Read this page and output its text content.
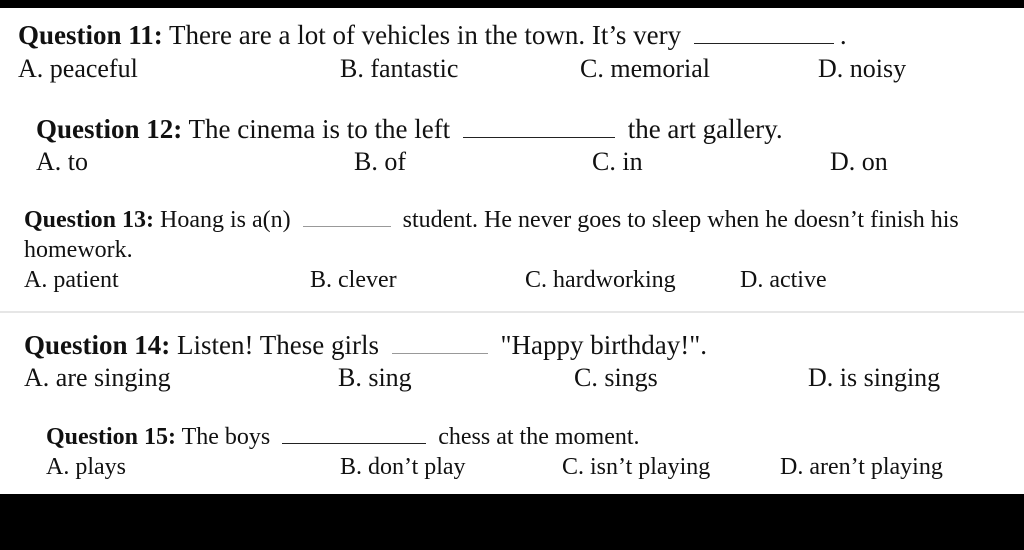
Question 11: There are a lot of vehicles in the town. It’s very	.
A. peaceful	B. fantastic	C. memorial	D. noisy
Question 12: The cinema is to the left	the art gallery.
A. to	B. of	C. in	D. on
Question 13: Hoang is a(n)	student. He never goes to sleep when he doesn’t finish his
homework.
A. patient	B. clever	C. hardworking	D. active
Question 14: Listen! These girls	"Happy birthday!".
A. are singing	B. sing	C. sings	D. is singing
Question 15: The boys	chess at the moment.
A. plays	B. don’t play	C. isn’t playing	D. aren’t playing
